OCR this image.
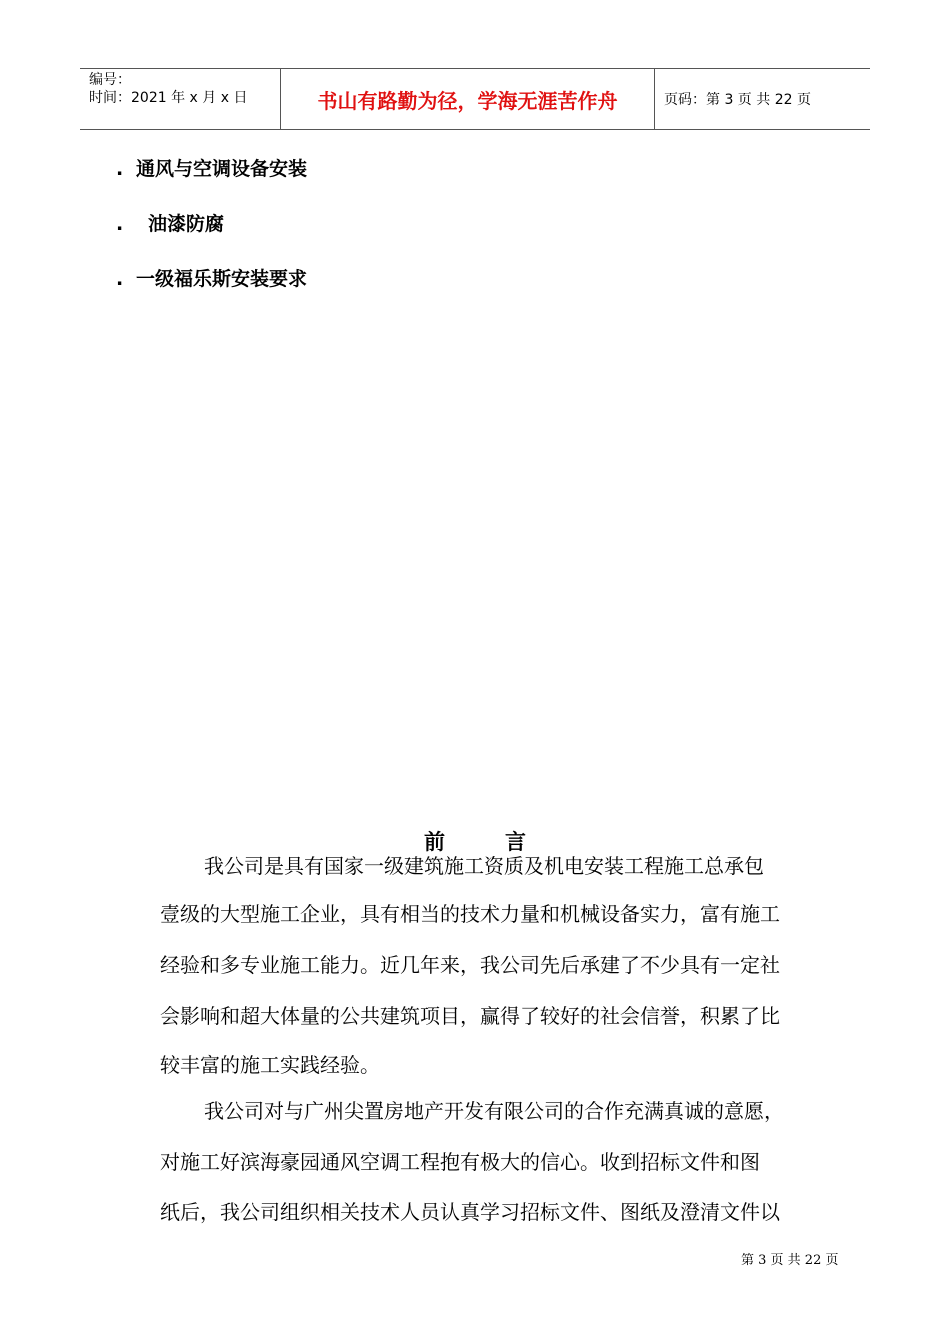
编号：
时间：2021 年 x 月 x 日	书山有路勤为径，学海无涯苦作舟	页码：第 3 页 共 22 页
. 通风与空调设备安装
. 油漆防腐
. 一级福乐斯安装要求
前	言
　　我公司是具有国家一级建筑施工资质及机电安装工程施工总承包
壹级的大型施工企业，具有相当的技术力量和机械设备实力，富有施工
经验和多专业施工能力。近几年来，我公司先后承建了不少具有一定社
会影响和超大体量的公共建筑项目，赢得了较好的社会信誉，积累了比
较丰富的施工实践经验。
　　我公司对与广州尖置房地产开发有限公司的合作充满真诚的意愿，
对施工好滨海豪园通风空调工程抱有极大的信心。收到招标文件和图
纸后，我公司组织相关技术人员认真学习招标文件、图纸及澄清文件以
第 3 页 共 22 页
